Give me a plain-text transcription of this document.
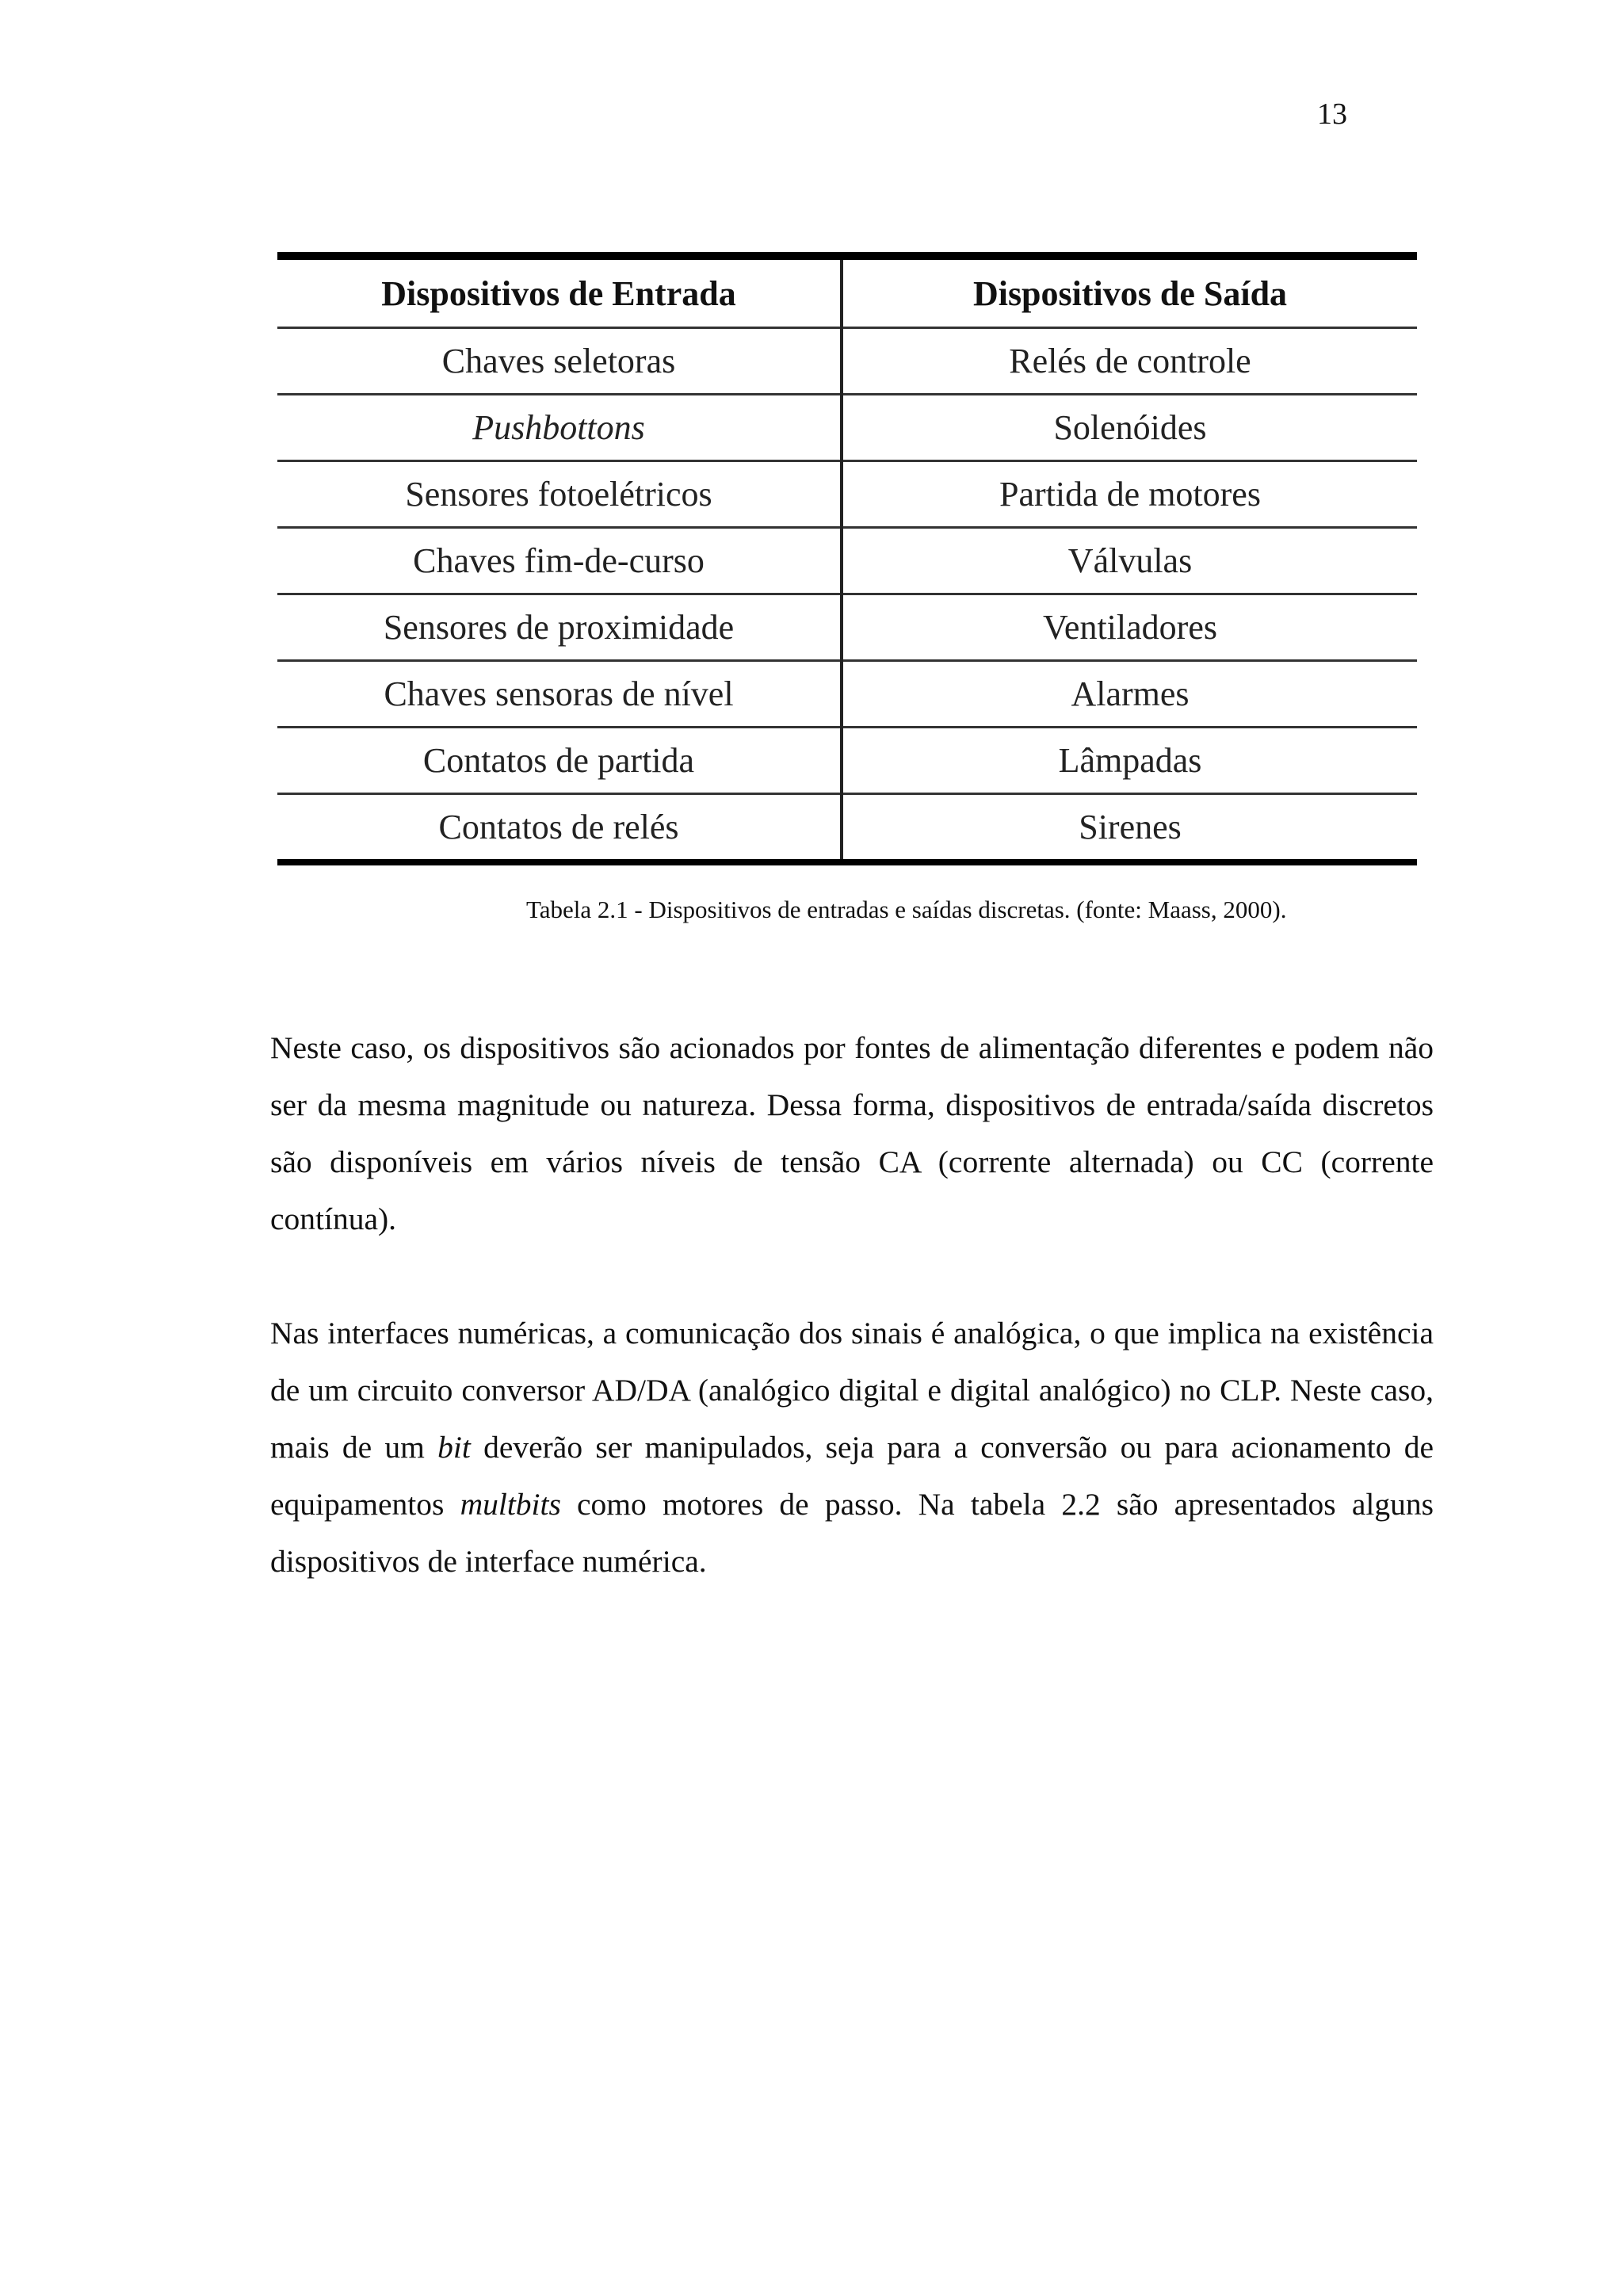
13
Dispositivos de Entrada	Dispositivos de Saída
Chaves seletoras	Relés de controle
Pushbottons	Solenóides
Sensores fotoelétricos	Partida de motores
Chaves fim-de-curso	Válvulas
Sensores de proximidade	Ventiladores
Chaves sensoras de nível	Alarmes
Contatos de partida	Lâmpadas
Contatos de relés	Sirenes
Tabela 2.1 - Dispositivos de entradas e saídas discretas. (fonte: Maass, 2000).

Neste caso, os dispositivos são acionados por fontes de alimentação diferentes e podem não ser da mesma magnitude ou natureza. Dessa forma, dispositivos de entrada/saída discretos são disponíveis em vários níveis de tensão CA (corrente alternada) ou CC (corrente contínua).

Nas interfaces numéricas, a comunicação dos sinais é analógica, o que implica na existência de um circuito conversor AD/DA (analógico digital e digital analógico) no CLP. Neste caso, mais de um bit deverão ser manipulados, seja para a conversão ou para acionamento de equipamentos multbits como motores de passo. Na tabela 2.2 são apresentados alguns dispositivos de interface numérica.
